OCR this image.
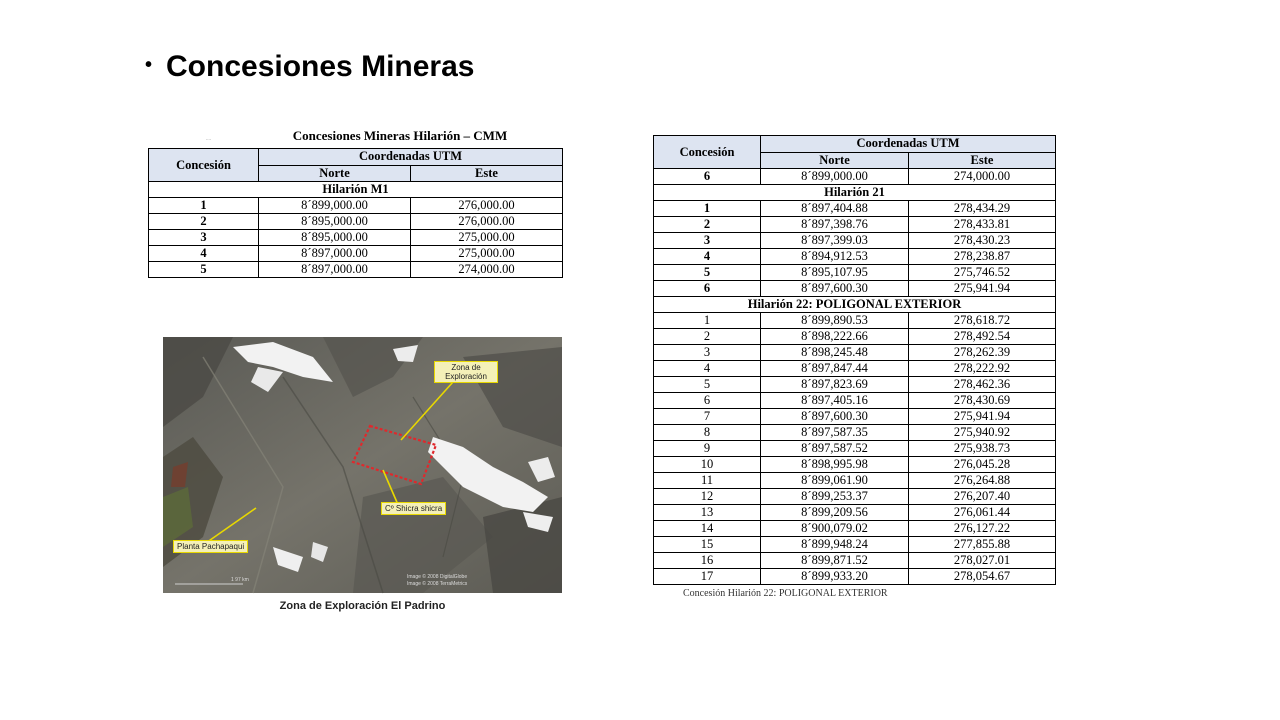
• Concesiones Mineras
....	Concesiones Mineras Hilarión – CMM
Concesión	Coordenadas UTM	
	Norte	Este
Hilarión M1		
1	8´899,000.00	276,000.00
2	8´895,000.00	276,000.00
3	8´895,000.00	275,000.00
4	8´897,000.00	275,000.00
5	8´897,000.00	274,000.00
Concesión	Coordenadas UTM	
	Norte	Este
6	8´899,000.00	274,000.00
Hilarión 21		
1	8´897,404.88	278,434.29
2	8´897,398.76	278,433.81
3	8´897,399.03	278,430.23
4	8´894,912.53	278,238.87
5	8´895,107.95	275,746.52
6	8´897,600.30	275,941.94
Hilarión 22: POLIGONAL EXTERIOR		
1	8´899,890.53	278,618.72
2	8´898,222.66	278,492.54
3	8´898,245.48	278,262.39
4	8´897,847.44	278,222.92
5	8´897,823.69	278,462.36
6	8´897,405.16	278,430.69
7	8´897,600.30	275,941.94
8	8´897,587.35	275,940.92
9	8´897,587.52	275,938.73
10	8´898,995.98	276,045.28
11	8´899,061.90	276,264.88
12	8´899,253.37	276,207.40
13	8´899,209.56	276,061.44
14	8´900,079.02	276,127.22
15	8´899,948.24	277,855.88
16	8´899,871.52	278,027.01
17	8´899,933.20	278,054.67
Concesión Hilarión 22: POLIGONAL EXTERIOR
Zona de Exploración
Cº Shicra shicra
Planta Pachapaqui
Image © 2008 DigitalGlobe
Image © 2008 TerraMetrics
1 97 km
Zona de Exploración El Padrino
